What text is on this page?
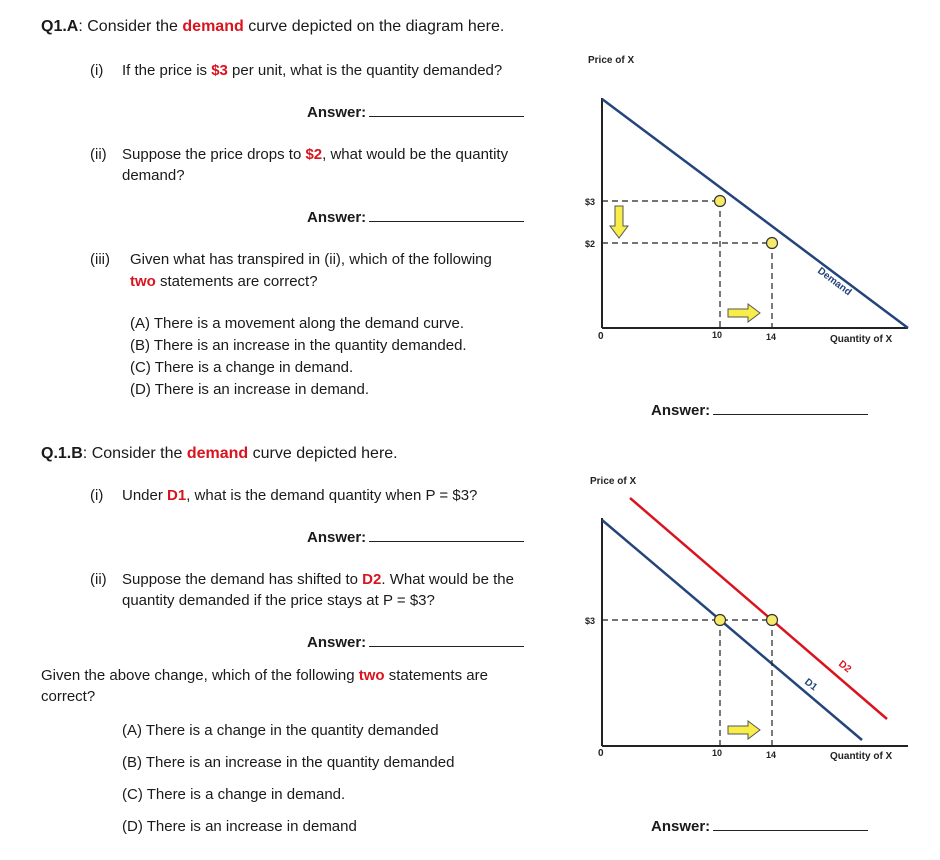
Q1.A: Consider the demand curve depicted on the diagram here.
(i) If the price is $3 per unit, what is the quantity demanded?
Answer:
(ii) Suppose the price drops to $2, what would be the quantity
demand?
Answer:
(iii) Given what has transpired in (ii), which of the following
two statements are correct?
(A) There is a movement along the demand curve.
(B) There is an increase in the quantity demanded.
(C) There is a change in demand.
(D) There is an increase in demand.
Answer:
Q.1.B: Consider the demand curve depicted here.
(i) Under D1, what is the demand quantity when P = $3?
Answer:
(ii) Suppose the demand has shifted to D2. What would be the
quantity demanded if the price stays at P = $3?
Answer:
Given the above change, which of the following two statements are
correct?
(A) There is a change in the quantity demanded
(B) There is an increase in the quantity demanded
(C) There is a change in demand.
(D) There is an increase in demand	Answer:
Price of X
0	Quantity of X
Demand
$3
$2
10	14
Price of X
0	Quantity of X
D1
D2
$3
10	14
